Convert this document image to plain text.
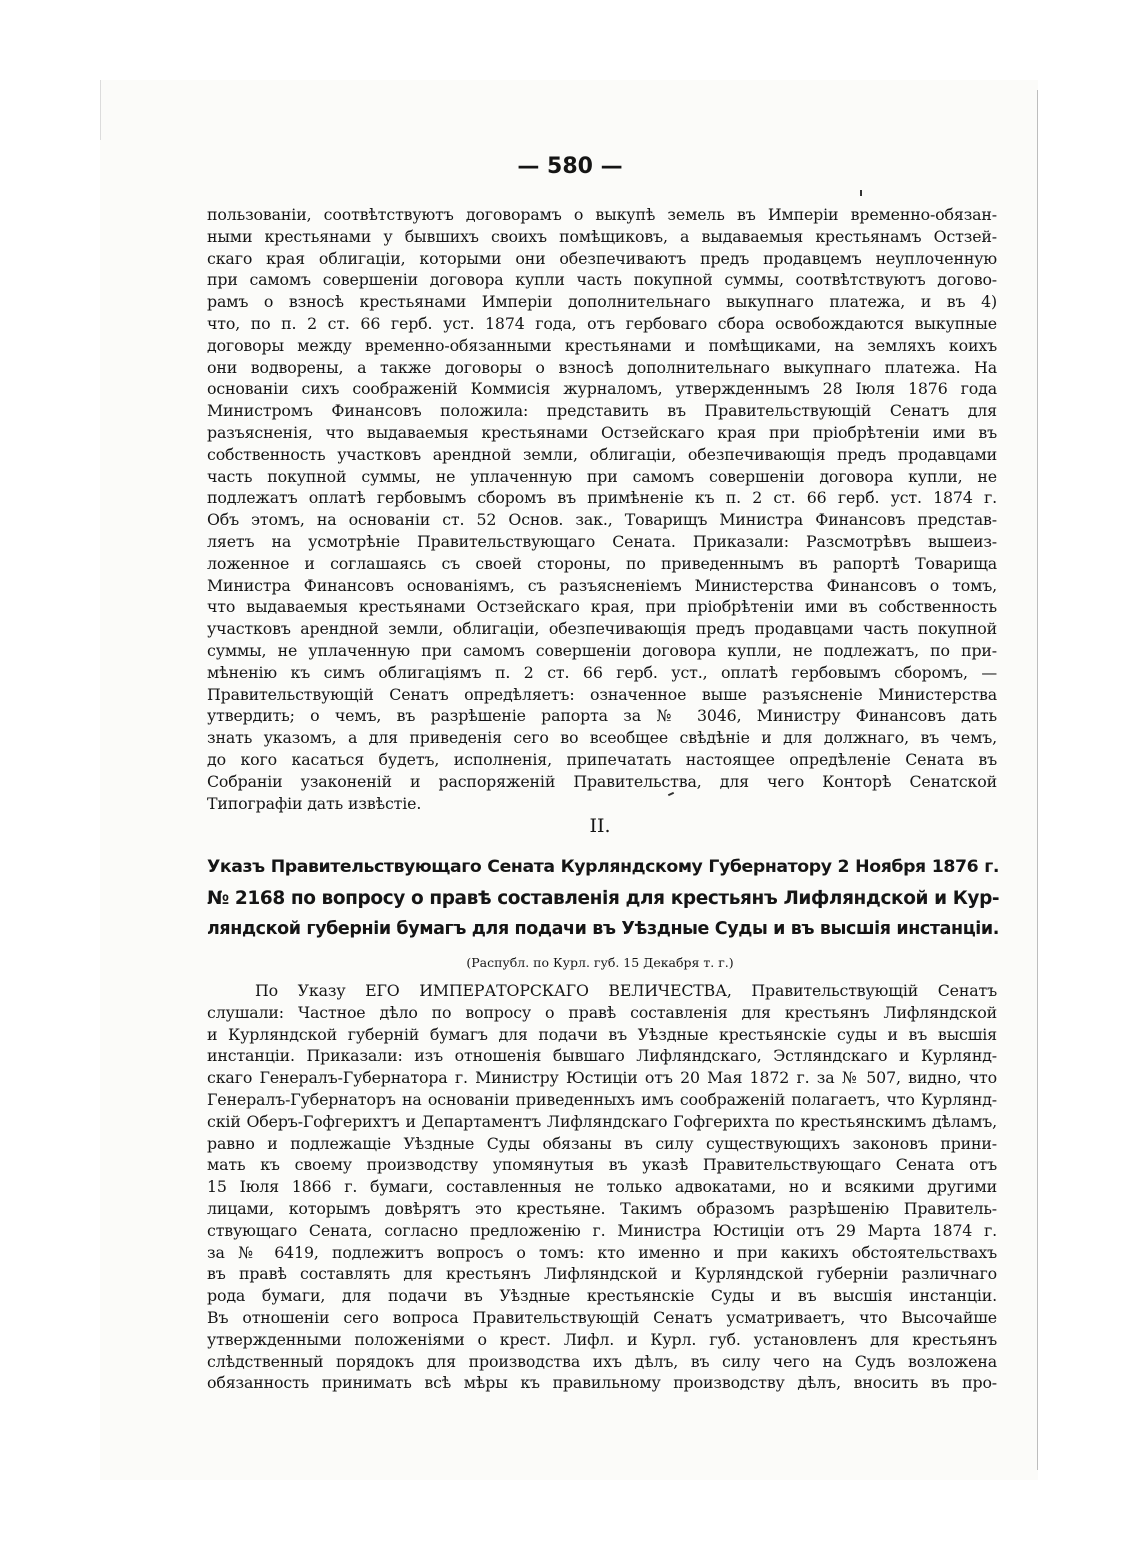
— 580 —
пользованіи, соотвѣтствуютъ договорамъ о выкупѣ земель въ Имперіи временно-обязан-
ными крестьянами у бывшихъ своихъ помѣщиковъ, а выдаваемыя крестьянамъ Остзей-
скаго края облигаціи, которыми они обезпечиваютъ предъ продавцемъ неуплоченную
при самомъ совершеніи договора купли часть покупной суммы, соотвѣтствуютъ догово-
рамъ о взносѣ крестьянами Имперіи дополнительнаго выкупнаго платежа, и въ 4)
что, по п. 2 ст. 66 герб. уст. 1874 года, отъ гербоваго сбора освобождаются выкупные
договоры между временно-обязанными крестьянами и помѣщиками, на земляхъ коихъ
они водворены, а также договоры о взносѣ дополнительнаго выкупнаго платежа. На
основаніи сихъ соображеній Коммисія журналомъ, утвержденнымъ 28 Іюля 1876 года
Министромъ Финансовъ положила: представить въ Правительствующій Сенатъ для
разъясненія, что выдаваемыя крестьянами Остзейскаго края при пріобрѣтеніи ими въ
собственность участковъ арендной земли, облигаціи, обезпечивающія предъ продавцами
часть покупной суммы, не уплаченную при самомъ совершеніи договора купли, не
подлежатъ оплатѣ гербовымъ сборомъ въ примѣненіе къ п. 2 ст. 66 герб. уст. 1874 г.
Объ этомъ, на основаніи ст. 52 Основ. зак., Товарищъ Министра Финансовъ представ-
ляетъ на усмотрѣніе Правительствующаго Сената. Приказали: Разсмотрѣвъ вышеиз-
ложенное и соглашаясь съ своей стороны, по приведеннымъ въ рапортѣ Товарища
Министра Финансовъ основаніямъ, съ разъясненіемъ Министерства Финансовъ о томъ,
что выдаваемыя крестьянами Остзейскаго края, при пріобрѣтеніи ими въ собственность
участковъ арендной земли, облигаціи, обезпечивающія предъ продавцами часть покупной
суммы, не уплаченную при самомъ совершеніи договора купли, не подлежатъ, по при-
мѣненію къ симъ облигаціямъ п. 2 ст. 66 герб. уст., оплатѣ гербовымъ сборомъ, —
Правительствующій Сенатъ опредѣляетъ: означенное выше разъясненіе Министерства
утвердить; о чемъ, въ разрѣшеніе рапорта за № 3046, Министру Финансовъ дать
знать указомъ, а для приведенія сего во всеобщее свѣдѣніе и для должнаго, въ чемъ,
до кого касаться будетъ, исполненія, припечатать настоящее опредѣленіе Сената въ
Собраніи узаконеній и распоряженій Правительства, для чего Конторѣ Сенатской
Типографіи дать извѣстіе.
II.
Указъ Правительствующаго Сената Курляндскому Губернатору 2 Ноября 1876 г.
№ 2168 по вопросу о правѣ составленія для крестьянъ Лифляндской и Кур-
ляндской губерніи бумагъ для подачи въ Уѣздные Суды и въ высшія инстанціи.
(Распубл. по Курл. губ. 15 Декабря т. г.)
По Указу ЕГО ИМПЕРАТОРСКАГО ВЕЛИЧЕСТВА, Правительствующій Сенатъ
слушали: Частное дѣло по вопросу о правѣ составленія для крестьянъ Лифляндской
и Курляндской губерній бумагъ для подачи въ Уѣздные крестьянскіе суды и въ высшія
инстанціи. Приказали: изъ отношенія бывшаго Лифляндскаго, Эстляндскаго и Курлянд-
скаго Генералъ-Губернатора г. Министру Юстиціи отъ 20 Мая 1872 г. за № 507, видно, что
Генералъ-Губернаторъ на основаніи приведенныхъ имъ соображеній полагаетъ, что Курлянд-
скій Оберъ-Гофгерихтъ и Департаментъ Лифляндскаго Гофгерихта по крестьянскимъ дѣламъ,
равно и подлежащіе Уѣздные Суды обязаны въ силу существующихъ законовъ прини-
мать къ своему производству упомянутыя въ указѣ Правительствующаго Сената отъ
15 Іюля 1866 г. бумаги, составленныя не только адвокатами, но и всякими другими
лицами, которымъ довѣрятъ это крестьяне. Такимъ образомъ разрѣшенію Правитель-
ствующаго Сената, согласно предложенію г. Министра Юстиціи отъ 29 Марта 1874 г.
за № 6419, подлежитъ вопросъ о томъ: кто именно и при какихъ обстоятельствахъ
въ правѣ составлять для крестьянъ Лифляндской и Курляндской губерніи различнаго
рода бумаги, для подачи въ Уѣздные крестьянскіе Суды и въ высшія инстанціи.
Въ отношеніи сего вопроса Правительствующій Сенатъ усматриваетъ, что Высочайше
утвержденными положеніями о крест. Лифл. и Курл. губ. установленъ для крестьянъ
слѣдственный порядокъ для производства ихъ дѣлъ, въ силу чего на Судъ возложена
обязанность принимать всѣ мѣры къ правильному производству дѣлъ, вносить въ про-
